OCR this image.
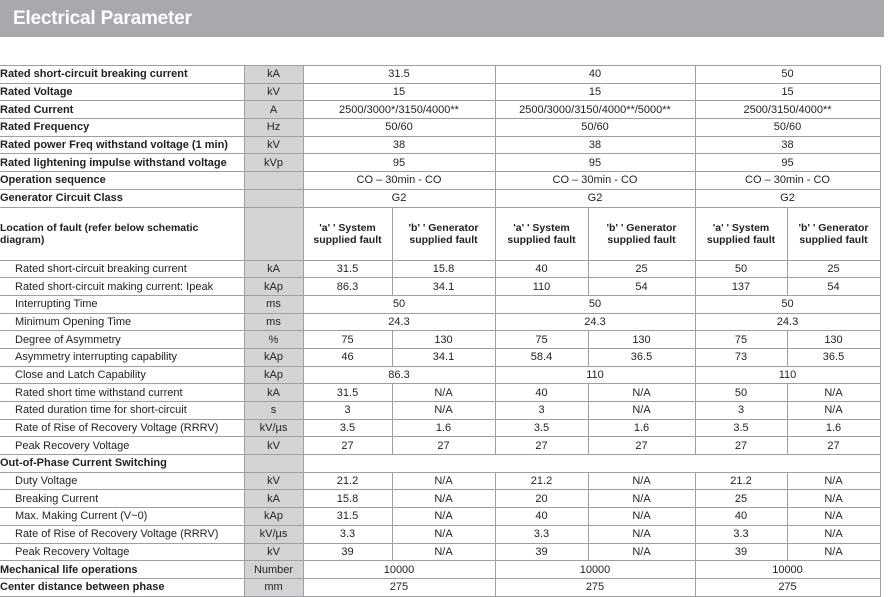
Electrical Parameter
Rated short-circuit breaking current	kA	31.5		40		50	
Rated Voltage	kV	15		15		15	
Rated Current	A	2500/3000*/3150/4000**		2500/3000/3150/4000**/5000**		2500/3150/4000**	
Rated Frequency	Hz	50/60		50/60		50/60	
Rated power Freq withstand voltage (1 min)	kV	38		38		38	
Rated lightening impulse withstand voltage	kVp	95		95		95	
Operation sequence		CO – 30min - CO		CO – 30min - CO		CO – 30min - CO	
Generator Circuit Class		G2		G2		G2	
Location of fault (refer below schematic diagram)		'a' ' System supplied fault	'b' ' Generator supplied fault	'a' ' System supplied fault	'b' ' Generator supplied fault	'a' ' System supplied fault	'b' ' Generator supplied fault
Rated short-circuit breaking current	kA	31.5	15.8	40	25	50	25
Rated short-circuit making current: Ipeak	kAp	86.3	34.1	110	54	137	54
Interrupting Time	ms	50		50		50	
Minimum Opening Time	ms	24.3		24.3		24.3	
Degree of Asymmetry	%	75	130	75	130	75	130
Asymmetry interrupting capability	kAp	46	34.1	58.4	36.5	73	36.5
Close and Latch Capability	kAp	86.3		110		110	
Rated short time withstand current	kA	31.5	N/A	40	N/A	50	N/A
Rated duration time for short-circuit	s	3	N/A	3	N/A	3	N/A
Rate of Rise of Recovery Voltage (RRRV)	kV/µs	3.5	1.6	3.5	1.6	3.5	1.6
Peak Recovery Voltage	kV	27	27	27	27	27	27
Out-of-Phase Current Switching							
Duty Voltage	kV	21.2	N/A	21.2	N/A	21.2	N/A
Breaking Current	kA	15.8	N/A	20	N/A	25	N/A
Max. Making Current (V~0)	kAp	31.5	N/A	40	N/A	40	N/A
Rate of Rise of Recovery Voltage (RRRV)	kV/µs	3.3	N/A	3.3	N/A	3.3	N/A
Peak Recovery Voltage	kV	39	N/A	39	N/A	39	N/A
Mechanical life operations	Number	10000		10000		10000	
Center distance between phase	mm	275		275		275	
